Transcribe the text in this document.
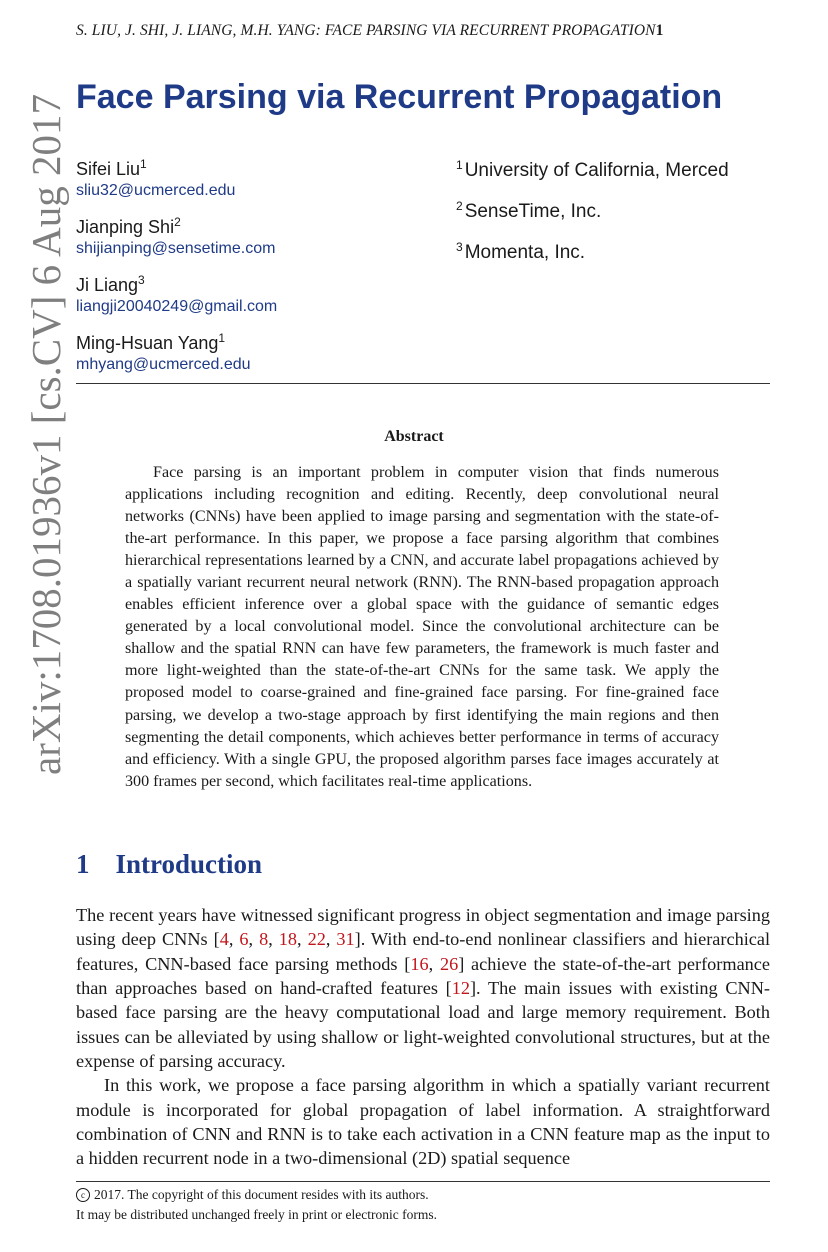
S. LIU, J. SHI, J. LIANG, M.H. YANG: FACE PARSING VIA RECURRENT PROPAGATION1
arXiv:1708.01936v1 [cs.CV] 6 Aug 2017 Face Parsing via Recurrent Propagation
Sifei Liu$^1$
sliu32@ucmerced.edu
Jianping Shi$^2$
shijianping@sensetime.com
Ji Liang$^3$
liangji20040249@gmail.com
Ming-Hsuan Yang$^1$
mhyang@ucmerced.edu
$^1$ University of California, Merced
$^2$ SenseTime, Inc.
$^3$ Momenta, Inc.
Abstract

Face parsing is an important problem in computer vision that finds numerous applications including recognition and editing. Recently, deep convolutional neural networks (CNNs) have been applied to image parsing and segmentation with the state-of-the-art performance. In this paper, we propose a face parsing algorithm that combines hierarchical representations learned by a CNN, and accurate label propagations achieved by a spatially variant recurrent neural network (RNN). The RNN-based propagation approach enables efficient inference over a global space with the guidance of semantic edges generated by a local convolutional model. Since the convolutional architecture can be shallow and the spatial RNN can have few parameters, the framework is much faster and more light-weighted than the state-of-the-art CNNs for the same task. We apply the proposed model to coarse-grained and fine-grained face parsing. For fine-grained face parsing, we develop a two-stage approach by first identifying the main regions and then segmenting the detail components, which achieves better performance in terms of accuracy and efficiency. With a single GPU, the proposed algorithm parses face images accurately at 300 frames per second, which facilitates real-time applications.

1 Introduction

The recent years have witnessed significant progress in object segmentation and image parsing using deep CNNs [4, 6, 8, 18, 22, 31]. With end-to-end nonlinear classifiers and hierarchical features, CNN-based face parsing methods [16, 26] achieve the state-of-the-art performance than approaches based on hand-crafted features [12]. The main issues with existing CNN-based face parsing are the heavy computational load and large memory requirement. Both issues can be alleviated by using shallow or light-weighted convolutional structures, but at the expense of parsing accuracy.

In this work, we propose a face parsing algorithm in which a spatially variant recurrent module is incorporated for global propagation of label information. A straightforward combination of CNN and RNN is to take each activation in a CNN feature map as the input to a hidden recurrent node in a two-dimensional (2D) spatial sequence

c 2017. The copyright of this document resides with its authors.
It may be distributed unchanged freely in print or electronic forms.
